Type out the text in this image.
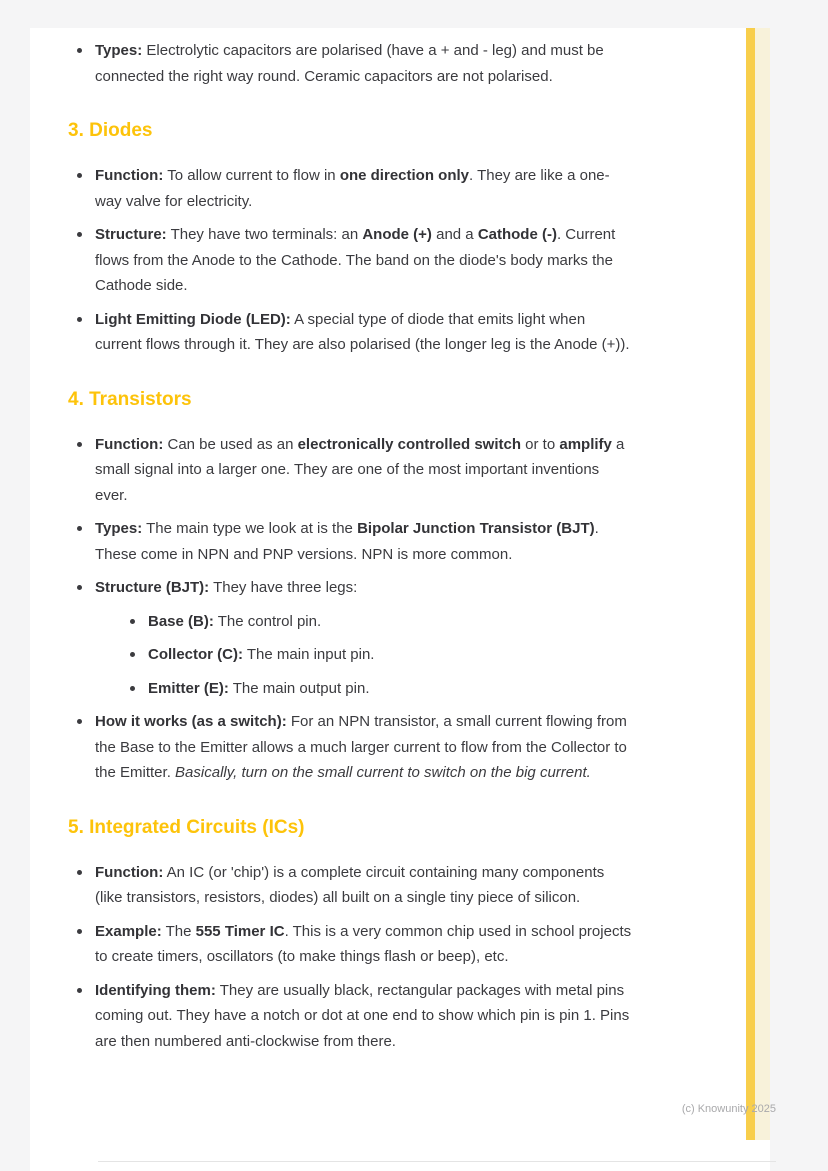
Types: Electrolytic capacitors are polarised (have a + and - leg) and must be connected the right way round. Ceramic capacitors are not polarised.
3. Diodes
Function: To allow current to flow in one direction only. They are like a one-way valve for electricity.
Structure: They have two terminals: an Anode (+) and a Cathode (-). Current flows from the Anode to the Cathode. The band on the diode's body marks the Cathode side.
Light Emitting Diode (LED): A special type of diode that emits light when current flows through it. They are also polarised (the longer leg is the Anode (+)).
4. Transistors
Function: Can be used as an electronically controlled switch or to amplify a small signal into a larger one. They are one of the most important inventions ever.
Types: The main type we look at is the Bipolar Junction Transistor (BJT). These come in NPN and PNP versions. NPN is more common.
Structure (BJT): They have three legs:
Base (B): The control pin.
Collector (C): The main input pin.
Emitter (E): The main output pin.
How it works (as a switch): For an NPN transistor, a small current flowing from the Base to the Emitter allows a much larger current to flow from the Collector to the Emitter. Basically, turn on the small current to switch on the big current.
5. Integrated Circuits (ICs)
Function: An IC (or 'chip') is a complete circuit containing many components (like transistors, resistors, diodes) all built on a single tiny piece of silicon.
Example: The 555 Timer IC. This is a very common chip used in school projects to create timers, oscillators (to make things flash or beep), etc.
Identifying them: They are usually black, rectangular packages with metal pins coming out. They have a notch or dot at one end to show which pin is pin 1. Pins are then numbered anti-clockwise from there.
(c) Knowunity 2025
